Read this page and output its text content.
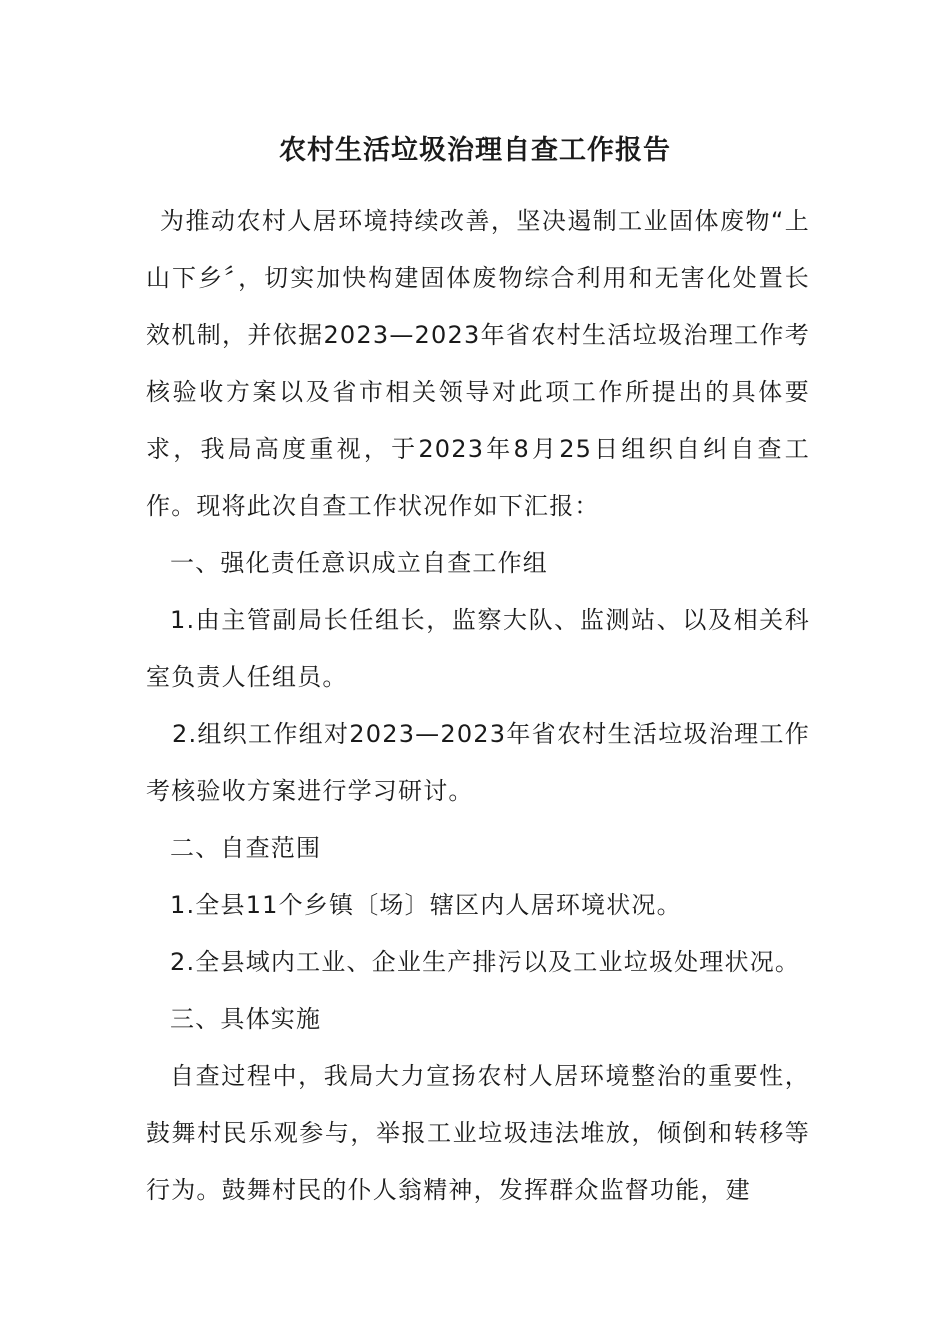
农村生活垃圾治理自查工作报告

为推动农村人居环境持续改善，坚决遏制工业固体废物“上山下乡〞，切实加快构建固体废物综合利用和无害化处置长效机制，并依据2023—2023年省农村生活垃圾治理工作考核验收方案以及省市相关领导对此项工作所提出的具体要求，我局高度重视，于2023年8月25日组织自纠自查工作。现将此次自查工作状况作如下汇报：

一、强化责任意识成立自查工作组

1.由主管副局长任组长，监察大队、监测站、以及相关科室负责人任组员。

2.组织工作组对2023—2023年省农村生活垃圾治理工作考核验收方案进行学习研讨。

二、自查范围

1.全县11个乡镇〔场〕辖区内人居环境状况。

2.全县域内工业、企业生产排污以及工业垃圾处理状况。

三、具体实施

自查过程中，我局大力宣扬农村人居环境整治的重要性，鼓舞村民乐观参与，举报工业垃圾违法堆放，倾倒和转移等行为。鼓舞村民的仆人翁精神，发挥群众监督功能，建
